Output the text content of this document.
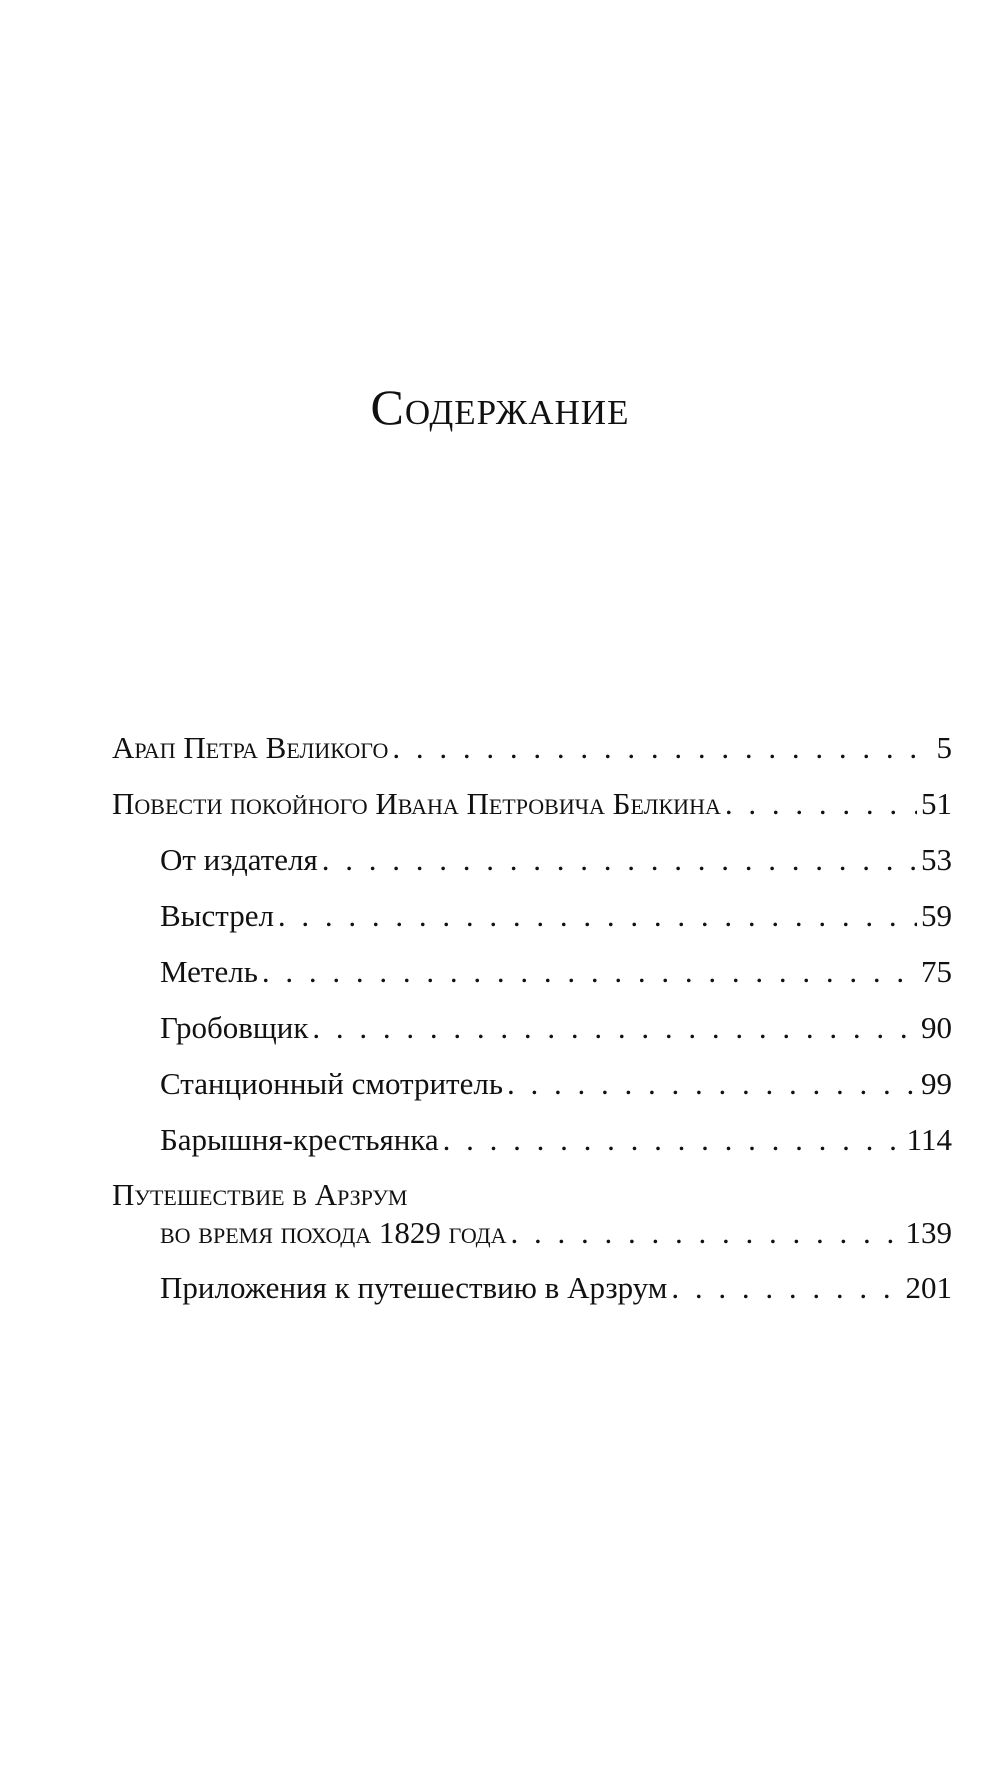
Содержание
Арап Петра Великого . . .	5
Повести покойного Ивана Петровича Белкина . . .	51
От издателя . . .	53
Выстрел . . .	59
Метель . . .	75
Гробовщик . . .	90
Станционный смотритель . . .	99
Барышня-крестьянка . . .	114
Путешествие в Арзрум
во время похода 1829 года . . .	139
Приложения к путешествию в Арзрум . . .	201
